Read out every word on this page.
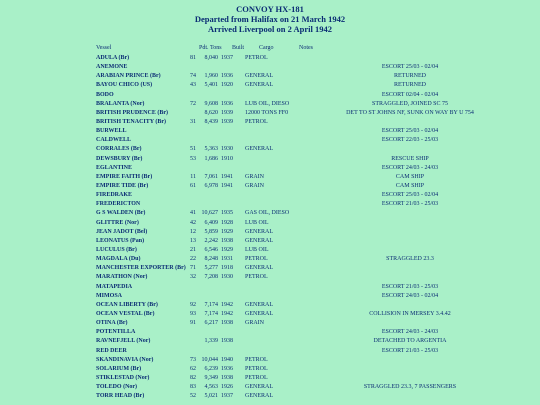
CONVOY HX-181
Departed from Halifax on 21 March 1942
Arrived Liverpool on 2 April 1942
Vessel	Pdt. Tons Built Cargo	Notes
ADULA (Br)	81	8,040 1937 PETROL
ANEMONE	ESCORT 25/03 - 02/04
ARABIAN PRINCE (Br)	74	1,960 1936 GENERAL	RETURNED
BAYOU CHICO (US)	43	5,401 1920 GENERAL	RETURNED
BODO	ESCORT 02/04 - 02/04
BRALANTA (Nor)	72	9,608 1936 LUB OIL, DIESO	STRAGGLED, JOINED SC 75
BRITISH PRUDENCE (Br)	8,620 1939 12000 TONS FF0	DET TO ST JOHNS NF, SUNK ON WAY BY U 754
BRITISH TENACITY (Br)	31	8,439 1939 PETROL
BURWELL	ESCORT 25/03 - 02/04
CALDWELL	ESCORT 22/03 - 25/03
CORRALES (Br)	51	5,363 1930 GENERAL
DEWSBURY (Br)	53	1,686 1910	RESCUE SHIP
EGLANTINE	ESCORT 24/03 - 24/03
EMPIRE FAITH (Br)	11	7,061 1941 GRAIN	CAM SHIP
EMPIRE TIDE (Br)	61	6,978 1941 GRAIN	CAM SHIP
FIREDRAKE	ESCORT 25/03 - 02/04
FREDERICTON	ESCORT 21/03 - 25/03
G S WALDEN (Br)	41 10,627 1935 GAS OIL, DIESO
GLITTRE (Nor)	42	6,409 1928 LUB OIL
JEAN JADOT (Bel)	12	5,859 1929 GENERAL
LEONATUS (Pan)	13	2,242 1938 GENERAL
LUCULUS (Br)	21	6,546 1929 LUB OIL
MAGDALA (Du)	22	8,248 1931 PETROL	STRAGGLED 23.3
MANCHESTER EXPORTER (Br) 71	5,277 1918 GENERAL
MARATHON (Nor)	32	7,208 1930 PETROL
MATAPEDIA	ESCORT 21/03 - 25/03
MIMOSA	ESCORT 24/03 - 02/04
OCEAN LIBERTY (Br)	92	7,174 1942 GENERAL
OCEAN VESTAL (Br)	93	7,174 1942 GENERAL	COLLISION IN MERSEY 3.4.42
OTINA (Br)	91	6,217 1938 GRAIN
POTENTILLA	ESCORT 24/03 - 24/03
RAVNEFJELL (Nor)	1,339 1938	DETACHED TO ARGENTIA
RED DEER	ESCORT 21/03 - 25/03
SKANDINAVIA (Nor)	73 10,044 1940 PETROL
SOLARIUM (Br)	62	6,239 1936 PETROL
STIKLESTAD (Nor)	82	9,349 1938 PETROL
TOLEDO (Nor)	83	4,563 1926 GENERAL	STRAGGLED 23.3, 7 PASSENGERS
TORR HEAD (Br)	52	5,021 1937 GENERAL
